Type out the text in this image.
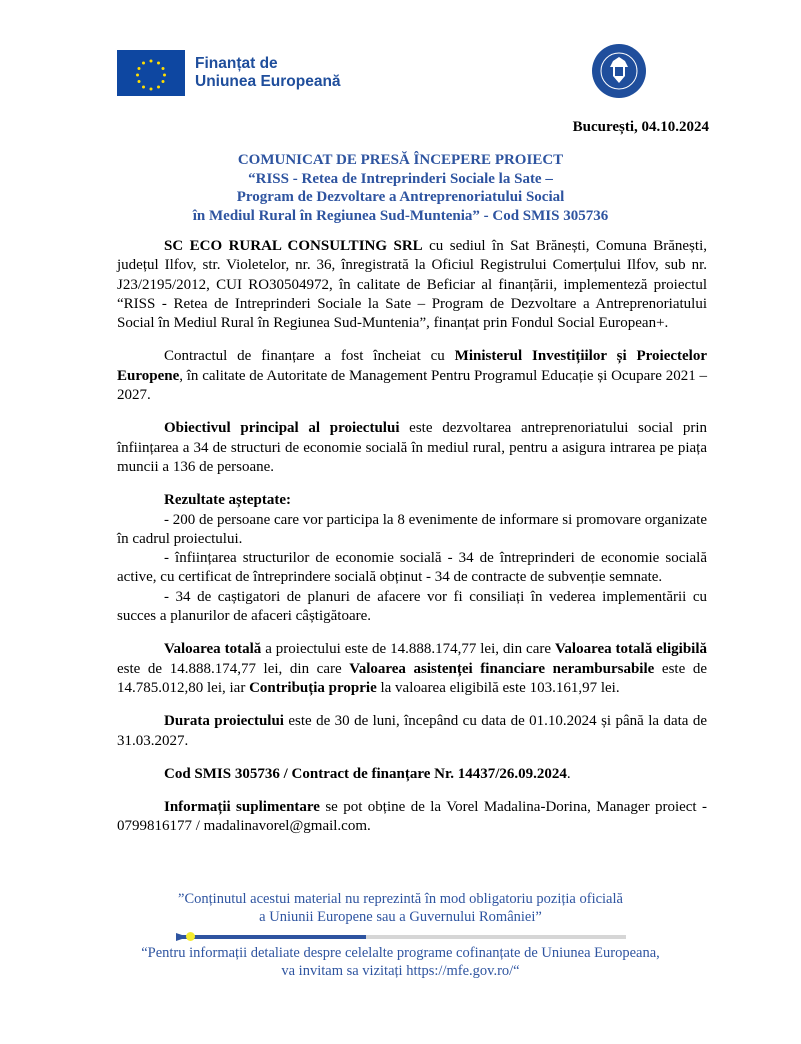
Finanțat de
Uniunea Europeană
București, 04.10.2024
COMUNICAT DE PRESĂ ÎNCEPERE PROIECT
“RISS - Retea de Intreprinderi Sociale la Sate –
Program de Dezvoltare a Antreprenoriatului Social
în Mediul Rural în Regiunea Sud-Muntenia” - Cod SMIS 305736

SC ECO RURAL CONSULTING SRL cu sediul în Sat Brănești, Comuna Brănești, județul Ilfov, str. Violetelor, nr. 36, înregistrată la Oficiul Registrului Comerțului Ilfov, sub nr. J23/2195/2012, CUI RO30504972, în calitate de Beficiar al finanțării, implementeză proiectul “RISS - Retea de Intreprinderi Sociale la Sate – Program de Dezvoltare a Antreprenoriatului Social în Mediul Rural în Regiunea Sud-Muntenia”, finanțat prin Fondul Social European+.

Contractul de finanțare a fost încheiat cu Ministerul Investițiilor și Proiectelor Europene, în calitate de Autoritate de Management Pentru Programul Educație și Ocupare 2021 – 2027.

Obiectivul principal al proiectului este dezvoltarea antreprenoriatului social prin înființarea a 34 de structuri de economie socială în mediul rural, pentru a asigura intrarea pe piața muncii a 136 de persoane.

Rezultate așteptate:

- 200 de persoane care vor participa la 8 evenimente de informare si promovare organizate în cadrul proiectului.

- înființarea structurilor de economie socială - 34 de întreprinderi de economie socială active, cu certificat de întreprindere socială obținut - 34 de contracte de subvenție semnate.

- 34 de caștigatori de planuri de afacere vor fi consiliați în vederea implementării cu succes a planurilor de afaceri câștigătoare.

Valoarea totală a proiectului este de 14.888.174,77 lei, din care Valoarea totală eligibilă este de 14.888.174,77 lei, din care Valoarea asistenței financiare nerambursabile este de 14.785.012,80 lei, iar Contribuția proprie la valoarea eligibilă este 103.161,97 lei.

Durata proiectului este de 30 de luni, începând cu data de 01.10.2024 și până la data de 31.03.2027.

Cod SMIS 305736 / Contract de finanțare Nr. 14437/26.09.2024.

Informații suplimentare se pot obține de la Vorel Madalina-Dorina, Manager proiect - 0799816177 / madalinavorel@gmail.com.

”Conținutul acestui material nu reprezintă în mod obligatoriu poziția oficială
a Uniunii Europene sau a Guvernului României”
“Pentru informații detaliate despre celelalte programe cofinanțate de Uniunea Europeana,
va invitam sa vizitați https://mfe.gov.ro/“
